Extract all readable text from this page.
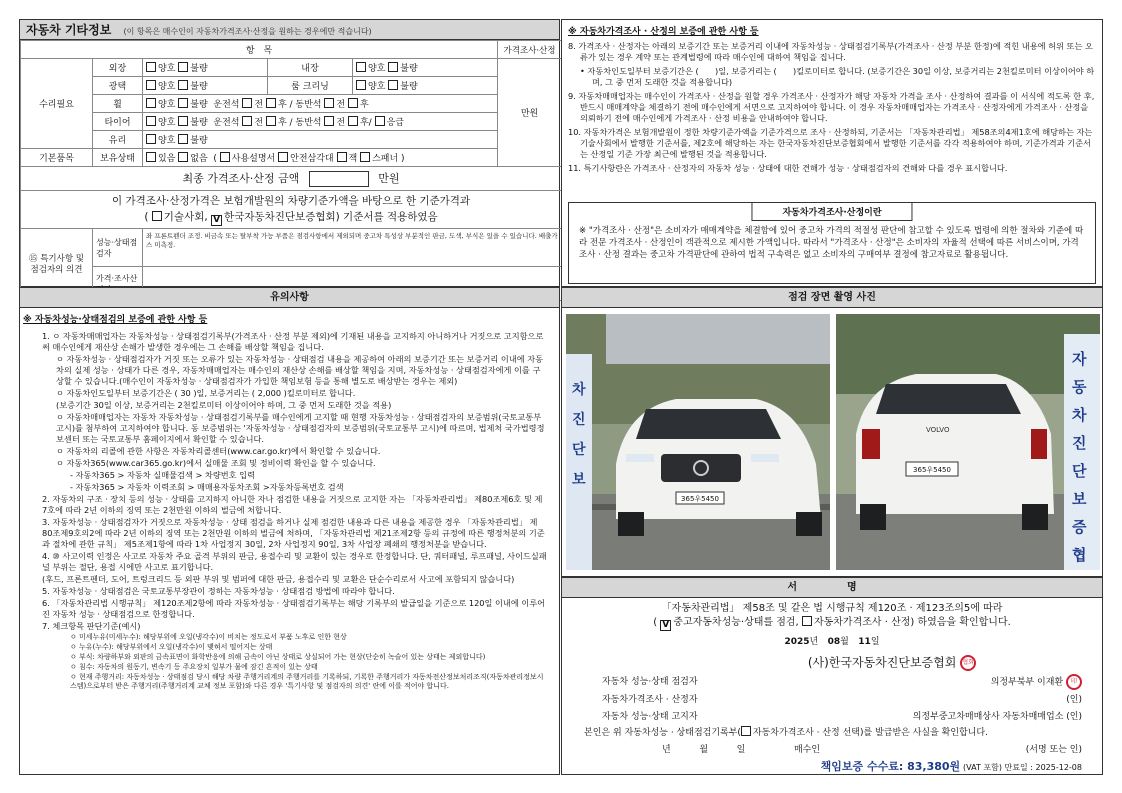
자동차 기타정보 (이 항목은 매수인이 자동차가격조사·산정을 원하는 경우에만 적습니다)
항　목					가격조사·산정
수리필요	외장	양호 불량	내장	양호 불량	만원
	광택	양호 불량	룸 크리닝	양호 불량	
	휠	양호 불량 운전석 전 후 / 동반석 전 후			
	타이어	양호 불량 운전석 전 후 / 동반석 전 후/ 응급			
	유리	양호 불량			
기본품목	보유상태	있음 없음 ( 사용설명서 안전삼각대 잭 스패너 )			
최종 가격조사·산정 금액 만원					

이 가격조사·산정가격은 보험개발원의 차량기준가액을 바탕으로 한 기준가격과
( 기술사회, V 한국자동차진단보증협회) 기준서를 적용하였음					

⑮ 특기사항 및
점검자의 의견	성능·상태점검자	좌 프론트펜더 조정. 비금속 또는 탈부착 가능 부품은 점검사항에서 제외되며 중고차 특성상 부분적인 판금, 도색, 부식은 있을 수 있습니다. 배출가스 미측정.			
	가격·조사산				
※ 자동차가격조사 · 산정의 보증에 관한 사항 등
8. 가격조사 · 산정자는 아래의 보증기간 또는 보증거리 이내에 자동차성능 · 상태점검기록부(가격조사 · 산정 부분 한정)에 적힌 내용에 허위 또는 오류가 있는 경우 계약 또는 관계법령에 따라 매수인에 대하여 책임을 집니다.
• 자동차인도일부터 보증기간은 (　　)일, 보증거리는 (　　)킬로미터로 합니다. (보증기간은 30일 이상, 보증거리는 2천킬로미터 이상이어야 하며, 그 중 먼저 도래한 것을 적용합니다)
9. 자동차매매업자는 매수인이 가격조사 · 산정을 원할 경우 가격조사 · 산정자가 해당 자동차 가격을 조사 · 산정하여 결과를 이 서식에 적도록 한 후, 반드시 매매계약을 체결하기 전에 매수인에게 서면으로 고지하여야 합니다. 이 경우 자동차매매업자는 가격조사 · 산정자에게 가격조사 · 산정을 의뢰하기 전에 매수인에게 가격조사 · 산정 비용을 안내하여야 합니다.
10. 자동차가격은 보험개발원이 정한 차량기준가액을 기준가격으로 조사 · 산정하되, 기준서는 「자동차관리법」 제58조의4제1호에 해당하는 자는 기술사회에서 발행한 기준서를, 제2호에 해당하는 자는 한국자동차진단보증협회에서 발행한 기준서를 각각 적용하여야 하며, 기준가격과 기준서는 산정일 기준 가장 최근에 발행된 것을 적용합니다.
11. 특기사항란은 가격조사 · 산정자의 자동차 성능 · 상태에 대한 견해가 성능 · 상태점검자의 견해와 다를 경우 표시합니다.
자동차가격조사·산정이란

※ "가격조사 · 산정"은 소비자가 매매계약을 체결함에 있어 중고차 가격의 적절성 판단에 참고할 수 있도록 법령에 의한 절차와 기준에 따라 전문 가격조사 · 산정인이 객관적으로 제시한 가액입니다. 따라서 "가격조사 · 산정"은 소비자의 자율적 선택에 따른 서비스이며, 가격조사 · 산정 결과는 중고차 가격판단에 관하여 법적 구속력은 없고 소비자의 구매여부 결정에 참고자료로 활용됩니다.

유의사항
※ 자동차성능·상태점검의 보증에 관한 사항 등

1. ㅇ 자동차매매업자는 자동차성능 · 상태점검기록부(가격조사 · 산정 부분 제외)에 기재된 내용을 고지하지 아니하거나 거짓으로 고지함으로써 매수인에게 재산상 손해가 발생한 경우에는 그 손해를 배상할 책임을 집니다.

ㅇ 자동차성능 · 상태점검자가 거짓 또는 오류가 있는 자동차성능 · 상태점검 내용을 제공하여 아래의 보증기간 또는 보증거리 이내에 자동차의 실제 성능 · 상태가 다른 경우, 자동차매매업자는 매수인의 재산상 손해를 배상할 책임을 지며, 자동차성능 · 상태점검자에게 이를 구상할 수 있습니다.(매수인이 자동차성능 · 상태점검자가 가입한 책임보험 등을 통해 별도로 배상받는 경우는 제외)

ㅇ 자동차인도일부터 보증기간은 ( 30 )일, 보증거리는 ( 2,000 )킬로미터로 합니다.

(보증기간 30일 이상, 보증거리는 2천킬로미터 이상이어야 하며, 그 중 먼저 도래한 것을 적용)

ㅇ 자동차매매업자는 자동차 자동차성능 · 상태점검기록부를 매수인에게 고지할 때 현행 자동차성능 · 상태점검자의 보증범위(국토교통부 고시)를 첨부하여 고지하여야 합니다. 동 보증범위는 '자동차성능 · 상태점검자의 보증범위(국토교통부 고시)에 따르며, 법제처 국가법령정보센터 또는 국토교통부 홈페이지에서 확인할 수 있습니다.

ㅇ 자동차의 리콜에 관한 사항은 자동차리콜센터(www.car.go.kr)에서 확인할 수 있습니다.

ㅇ 자동차365(www.car365.go.kr)에서 실매물 조회 및 정비이력 확인을 할 수 있습니다.

- 자동차365 > 자동차 실매물검색 > 차량번호 입력

- 자동차365 > 자동차 이력조회 > 매매용자동차조회 >자동차등록번호 검색

2. 자동차의 구조 · 장치 등의 성능 · 상태를 고지하지 아니한 자나 점검한 내용을 거짓으로 고지한 자는 「자동차관리법」 제80조제6호 및 제7호에 따라 2년 이하의 징역 또는 2천만원 이하의 벌금에 처합니다.

3. 자동차성능 · 상태점검자가 거짓으로 자동차성능 · 상태 점검을 하거나 실제 점검한 내용과 다른 내용을 제공한 경우 「자동차관리법」 제80조제9호의2에 따라 2년 이하의 징역 또는 2천만원 이하의 벌금에 처하며, 「자동차관리법 제21조제2항 등의 규정에 따른 행정처분의 기준과 절차에 관한 규칙」 제5조제1항에 따라 1차 사업정지 30일, 2차 사업정지 90일, 3차 사업장 폐쇄의 행정처분을 받습니다.

4. ⑩ 사고이력 인정은 사고로 자동차 주요 골격 부위의 판금, 용접수리 및 교환이 있는 경우로 한정합니다. 단, 쿼터패널, 루프패널, 사이드실패널 부위는 절단, 용접 시에만 사고로 표기합니다.

(후드, 프론트펜더, 도어, 트렁크리드 등 외판 부위 및 범퍼에 대한 판금, 용접수리 및 교환은 단순수리로서 사고에 포함되지 않습니다)

5. 자동차성능 · 상태점검은 국토교통부장관이 정하는 자동차성능 · 상태점검 방법에 따라야 합니다.

6. 「자동차관리법 시행규칙」 제120조제2항에 따라 자동차성능 · 상태점검기록부는 해당 기록부의 발급일을 기준으로 120일 이내에 이루어진 자동차 성능 · 상태점검으로 한정합니다.

7. 체크항목 판단기준(예시)

ㅇ 미세누유(미세누수): 해당부위에 오일(냉각수)이 비치는 정도로서 부품 노후로 인한 현상

ㅇ 누유(누수): 해당부위에서 오일(냉각수)이 맺혀서 떨어지는 상태

ㅇ 부식: 차량하부와 외판의 금속표면이 화학반응에 의해 금속이 아닌 상태로 상실되어 가는 현상(단순히 녹슬어 있는 상태는 제외합니다)

ㅇ 침수: 자동차의 원동기, 변속기 등 주요장치 일부가 물에 잠긴 흔적이 있는 상태

ㅇ 현재 주행거리: 자동차성능 · 상태점검 당시 해당 차량 주행거리계의 주행거리를 기록하되, 기록한 주행거리가 자동차전산정보처리조직(자동차관리정보시스템)으로부터 받은 주행거리(주행거리계 교체 정보 포함)와 다른 경우 '특기사항 및 점검자의 의견' 란에 이를 적어야 합니다.

점검 장면 촬영 사진
차
진
단
보
365우5450
자
동
차
진
단
보
증
협
VOLVO
365우5450
서　명
「자동차관리법」 제58조 및 같은 법 시행규칙 제120조 · 제123조의5에 따라
( V 중고자동차성능·상태를 점검, 자동차가격조사 · 산정) 하였음을 확인합니다.
2025년 08월 11일
(사)한국자동차진단보증협회 협회
자동차 성능·상태 점검자	의정부북부 이재환 印
자동차가격조사 · 산정자	(인)
자동차 성능·상태 고지자	의정부중고차매매상사 자동차매매업소 (인)
본인은 위 자동차성능 · 상태점검기록부( 자동차가격조사 · 산정 선택)를 발급받은 사실을 확인합니다.
년	월	일	매수인	(서명 또는 인)
책임보증 수수료: 83,380원 (VAT 포함) 만료일 : 2025-12-08
